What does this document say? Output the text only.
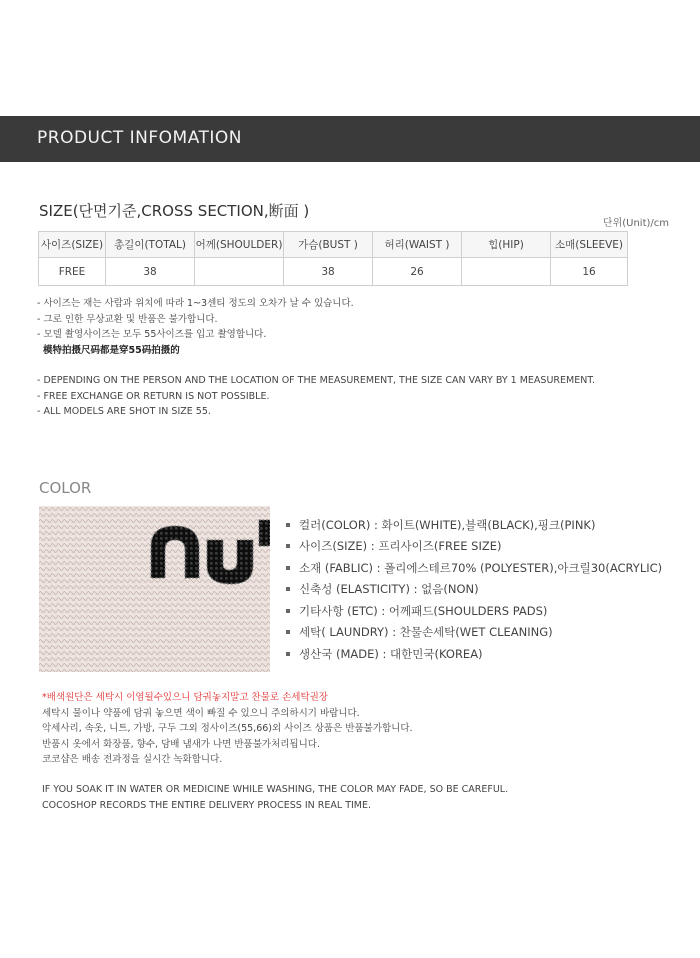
PRODUCT INFOMATION
SIZE(단면기준,CROSS SECTION,断面 )
단위(Unit)/cm
사이즈(SIZE)	총길이(TOTAL)	어께(SHOULDER)	가슴(BUST )	허리(WAIST )	힙(HIP)	소매(SLEEVE)
FREE	38		38	26		16
- 사이즈는 재는 사람과 위치에 따라 1~3센티 정도의 오차가 날 수 있습니다.
- 그로 인한 무상교환 및 반품은 불가합니다.
- 모델 촬영사이즈는 모두 55사이즈를 입고 촬영합니다.
模特拍摄尺码都是穿55码拍摄的
- DEPENDING ON THE PERSON AND THE LOCATION OF THE MEASUREMENT, THE SIZE CAN VARY BY 1 MEASUREMENT.
- FREE EXCHANGE OR RETURN IS NOT POSSIBLE.
- ALL MODELS ARE SHOT IN SIZE 55.
COLOR
컬러(COLOR) : 화이트(WHITE),블랙(BLACK),핑크(PINK)
사이즈(SIZE) : 프리사이즈(FREE SIZE)
소재 (FABLIC) : 폴리에스테르70% (POLYESTER),아크릴30(ACRYLIC)
신축성 (ELASTICITY) : 없음(NON)
기타사항 (ETC) : 어께패드(SHOULDERS PADS)
세탁( LAUNDRY) : 찬물손세탁(WET CLEANING)
생산국 (MADE) : 대한민국(KOREA)
*배색원단은 세탁시 이염될수있으니 담궈놓지말고 찬물로 손세탁권장
세탁시 물이나 약품에 담궈 놓으면 색이 빠질 수 있으니 주의하시기 바랍니다.
악세사리, 속옷, 니트, 가방, 구두 그외 정사이즈(55,66)외 사이즈 상품은 반품불가합니다.
반품시 옷에서 화장품, 향수, 담배 냄새가 나면 반품불가처리됩니다.
코코샵은 배송 전과정을 실시간 녹화합니다.
IF YOU SOAK IT IN WATER OR MEDICINE WHILE WASHING, THE COLOR MAY FADE, SO BE CAREFUL.
COCOSHOP RECORDS THE ENTIRE DELIVERY PROCESS IN REAL TIME.
